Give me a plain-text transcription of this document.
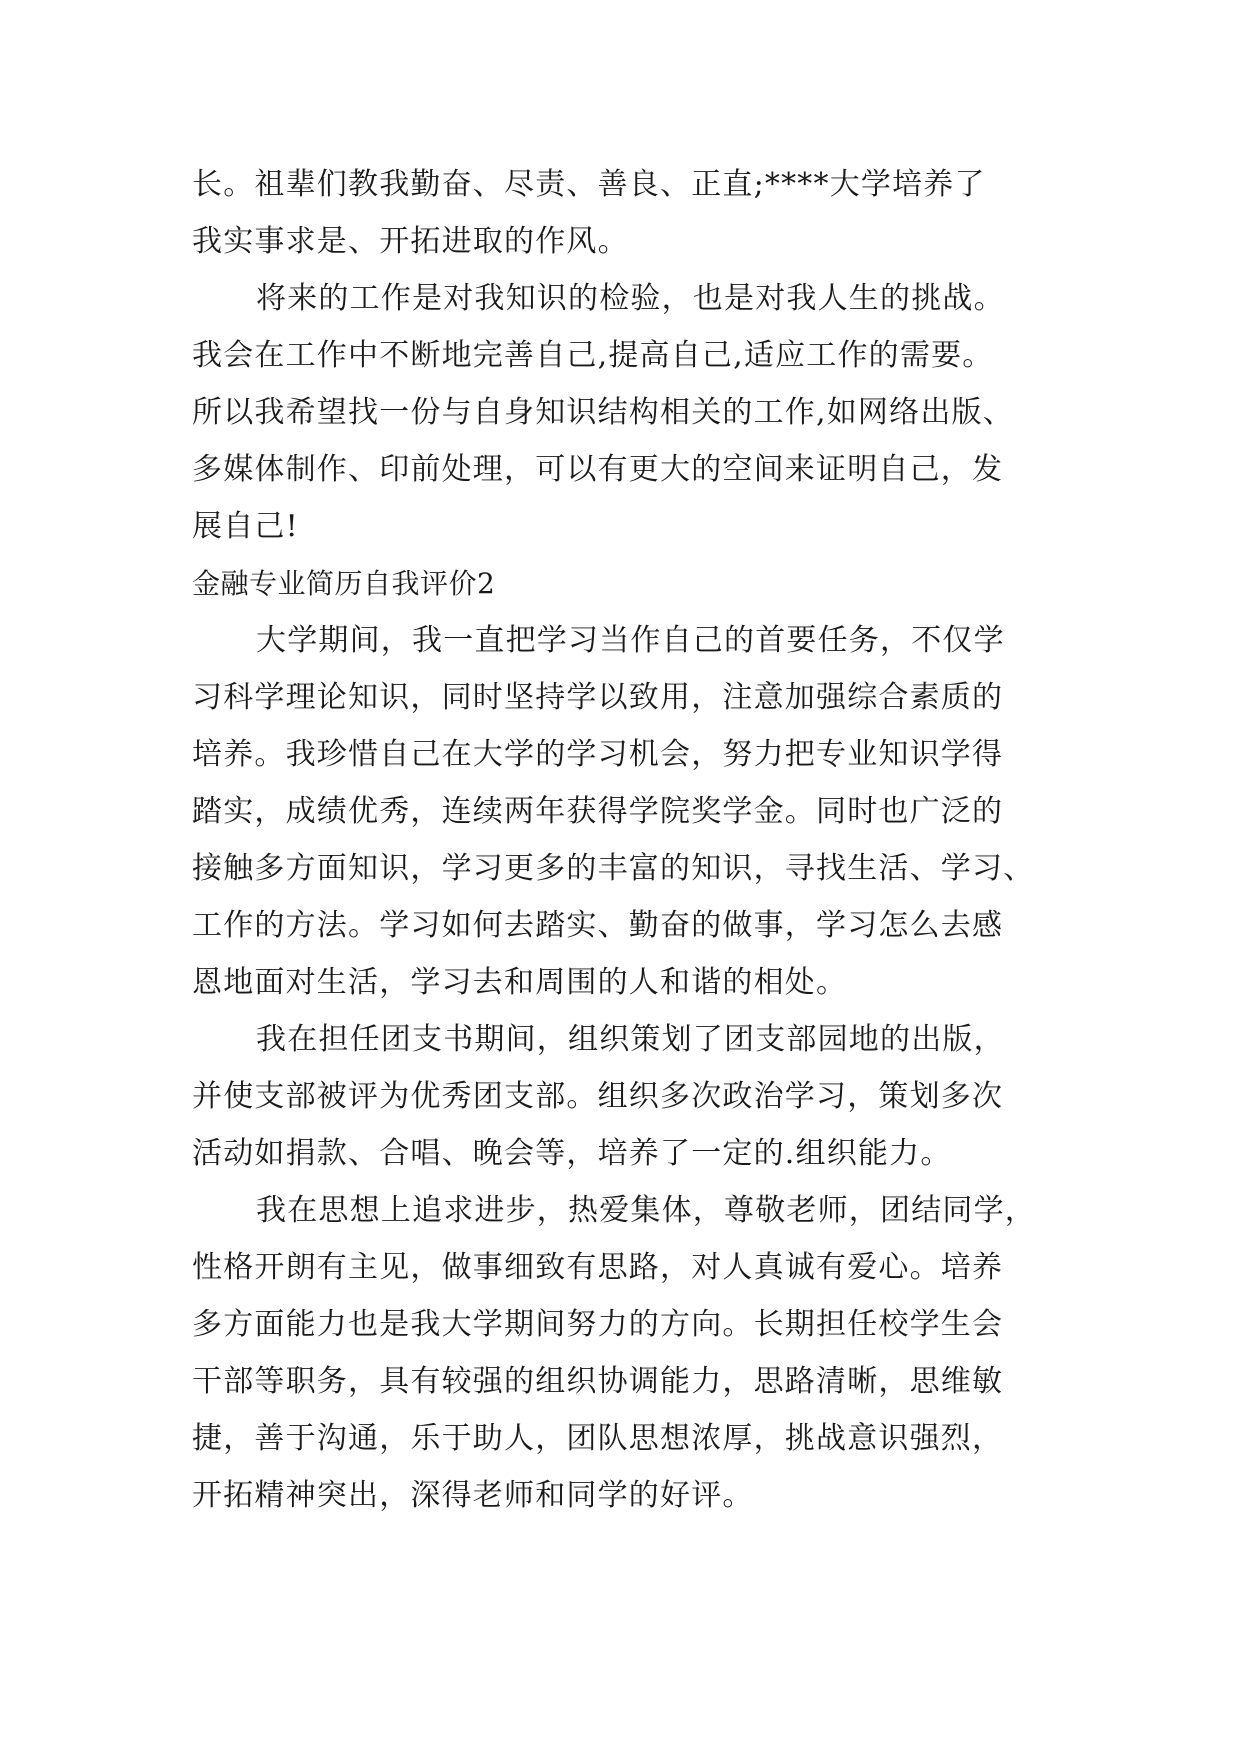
长。祖辈们教我勤奋、尽责、善良、正直;****大学培养了
我实事求是、开拓进取的作风。
将来的工作是对我知识的检验，也是对我人生的挑战。
我会在工作中不断地完善自己,提高自己,适应工作的需要。
所以我希望找一份与自身知识结构相关的工作,如网络出版、
多媒体制作、印前处理，可以有更大的空间来证明自己，发
展自己!
金融专业简历自我评价2
大学期间，我一直把学习当作自己的首要任务，不仅学
习科学理论知识，同时坚持学以致用，注意加强综合素质的
培养。我珍惜自己在大学的学习机会，努力把专业知识学得
踏实，成绩优秀，连续两年获得学院奖学金。同时也广泛的
接触多方面知识，学习更多的丰富的知识，寻找生活、学习、
工作的方法。学习如何去踏实、勤奋的做事，学习怎么去感
恩地面对生活，学习去和周围的人和谐的相处。
我在担任团支书期间，组织策划了团支部园地的出版，
并使支部被评为优秀团支部。组织多次政治学习，策划多次
活动如捐款、合唱、晚会等，培养了一定的.组织能力。
我在思想上追求进步，热爱集体，尊敬老师，团结同学，
性格开朗有主见，做事细致有思路，对人真诚有爱心。培养
多方面能力也是我大学期间努力的方向。长期担任校学生会
干部等职务，具有较强的组织协调能力，思路清晰，思维敏
捷，善于沟通，乐于助人，团队思想浓厚，挑战意识强烈，
开拓精神突出，深得老师和同学的好评。
